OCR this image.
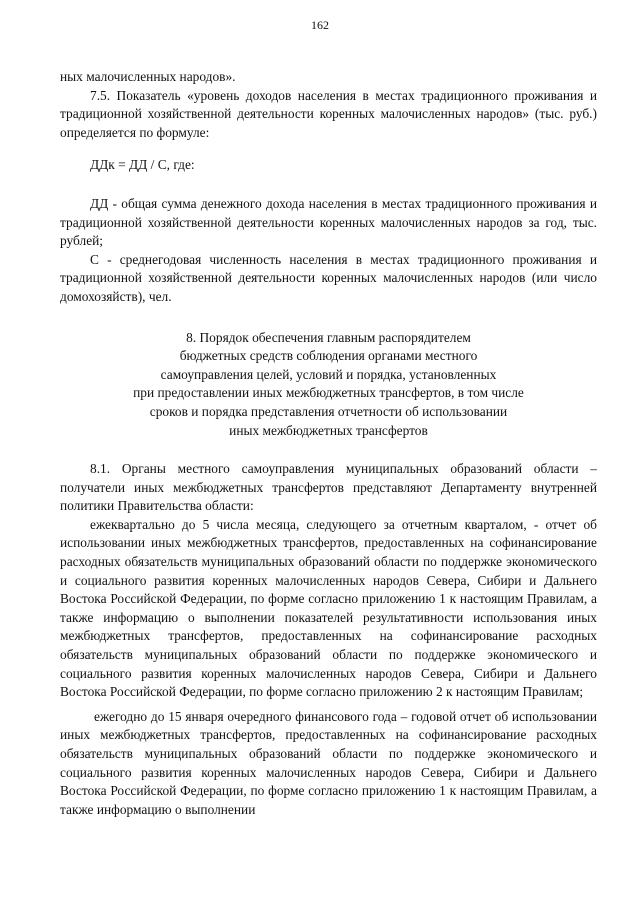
162

ных малочисленных народов».

7.5. Показатель «уровень доходов населения в местах традиционного проживания и традиционной хозяйственной деятельности коренных малочисленных народов» (тыс. руб.) определяется по формуле:

ДДк = ДД / С, где:

ДД - общая сумма денежного дохода населения в местах традиционного проживания и традиционной хозяйственной деятельности коренных малочисленных народов за год, тыс. рублей;

С - среднегодовая численность населения в местах традиционного проживания и традиционной хозяйственной деятельности коренных малочисленных народов (или число домохозяйств), чел.

8. Порядок обеспечения главным распорядителем
бюджетных средств соблюдения органами местного
самоуправления целей, условий и порядка, установленных
при предоставлении иных межбюджетных трансфертов, в том числе
сроков и порядка представления отчетности об использовании
иных межбюджетных трансфертов

8.1. Органы местного самоуправления муниципальных образований области – получатели иных межбюджетных трансфертов представляют Департаменту внутренней политики Правительства области:

ежеквартально до 5 числа месяца, следующего за отчетным кварталом, - отчет об использовании иных межбюджетных трансфертов, предоставленных на софинансирование расходных обязательств муниципальных образований области по поддержке экономического и социального развития коренных малочисленных народов Севера, Сибири и Дальнего Востока Российской Федерации, по форме согласно приложению 1 к настоящим Правилам, а также информацию о выполнении показателей результативности использования иных межбюджетных трансфертов, предоставленных на софинансирование расходных обязательств муниципальных образований области по поддержке экономического и социального развития коренных малочисленных народов Севера, Сибири и Дальнего Востока Российской Федерации, по форме согласно приложению 2 к настоящим Правилам;

ежегодно до 15 января очередного финансового года – годовой отчет об использовании иных межбюджетных трансфертов, предоставленных на софинансирование расходных обязательств муниципальных образований области по поддержке экономического и социального развития коренных малочисленных народов Севера, Сибири и Дальнего Востока Российской Федерации, по форме согласно приложению 1 к настоящим Правилам, а также информацию о выполнении
